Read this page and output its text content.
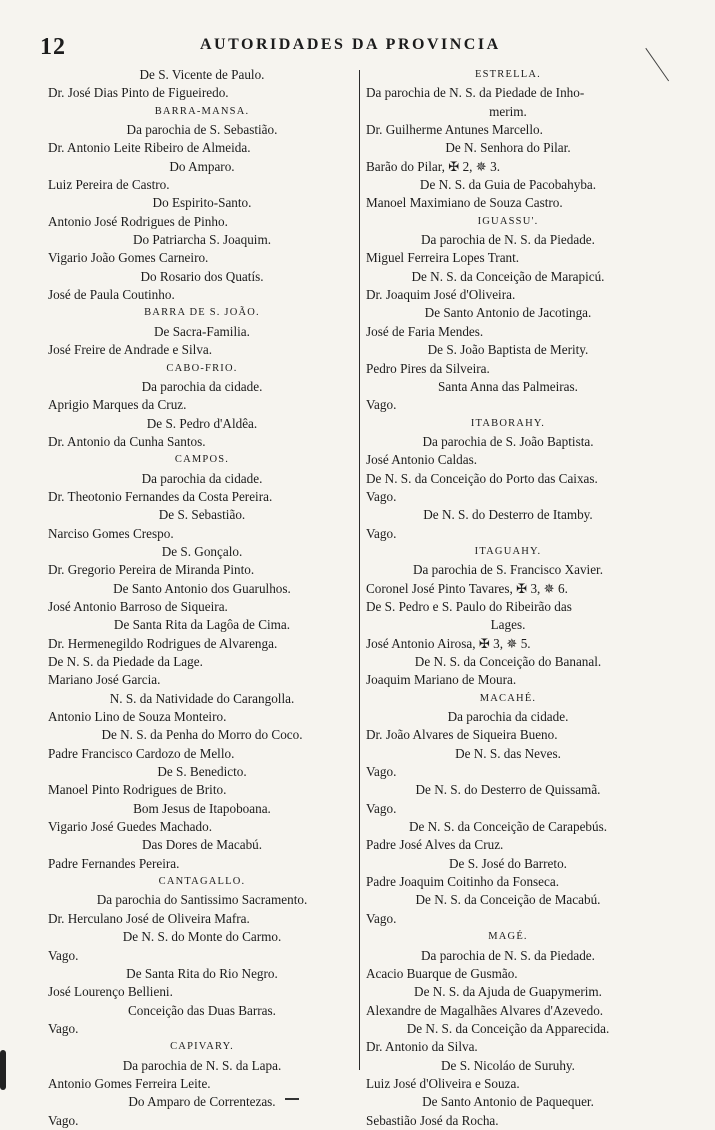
12	AUTORIDADES DA PROVINCIA
De S. Vicente de Paulo.
Dr. José Dias Pinto de Figueiredo.
BARRA-MANSA.
Da parochia de S. Sebastião.
Dr. Antonio Leite Ribeiro de Almeida.
Do Amparo.
Luiz Pereira de Castro.
Do Espirito-Santo.
Antonio José Rodrigues de Pinho.
Do Patriarcha S. Joaquim.
Vigario João Gomes Carneiro.
Do Rosario dos Quatís.
José de Paula Coutinho.
BARRA DE S. JOÃO.
De Sacra-Familia.
José Freire de Andrade e Silva.
CABO-FRIO.
Da parochia da cidade.
Aprigio Marques da Cruz.
De S. Pedro d'Aldêa.
Dr. Antonio da Cunha Santos.
CAMPOS.
Da parochia da cidade.
Dr. Theotonio Fernandes da Costa Pereira.
De S. Sebastião.
Narciso Gomes Crespo.
De S. Gonçalo.
Dr. Gregorio Pereira de Miranda Pinto.
De Santo Antonio dos Guarulhos.
José Antonio Barroso de Siqueira.
De Santa Rita da Lagôa de Cima.
Dr. Hermenegildo Rodrigues de Alvarenga.
De N. S. da Piedade da Lage.
Mariano José Garcia.
N. S. da Natividade do Carangolla.
Antonio Lino de Souza Monteiro.
De N. S. da Penha do Morro do Coco.
Padre Francisco Cardozo de Mello.
De S. Benedicto.
Manoel Pinto Rodrigues de Brito.
Bom Jesus de Itapoboana.
Vigario José Guedes Machado.
Das Dores de Macabú.
Padre Fernandes Pereira.
CANTAGALLO.
Da parochia do Santissimo Sacramento.
Dr. Herculano José de Oliveira Mafra.
De N. S. do Monte do Carmo.
Vago.
De Santa Rita do Rio Negro.
José Lourenço Bellieni.
Conceição das Duas Barras.
Vago.
CAPIVARY.
Da parochia de N. S. da Lapa.
Antonio Gomes Ferreira Leite.
Do Amparo de Correntezas.
Vago.
ESTRELLA.
Da parochia de N. S. da Piedade de Inho-
merim.
Dr. Guilherme Antunes Marcello.
De N. Senhora do Pilar.
Barão do Pilar, ✠ 2, ✵ 3.
De N. S. da Guia de Pacobahyba.
Manoel Maximiano de Souza Castro.
IGUASSU'.
Da parochia de N. S. da Piedade.
Miguel Ferreira Lopes Trant.
De N. S. da Conceição de Marapicú.
Dr. Joaquim José d'Oliveira.
De Santo Antonio de Jacotinga.
José de Faria Mendes.
De S. João Baptista de Merity.
Pedro Pires da Silveira.
Santa Anna das Palmeiras.
Vago.
ITABORAHY.
Da parochia de S. João Baptista.
José Antonio Caldas.
De N. S. da Conceição do Porto das Caixas.
Vago.
De N. S. do Desterro de Itamby.
Vago.
ITAGUAHY.
Da parochia de S. Francisco Xavier.
Coronel José Pinto Tavares, ✠ 3, ✵ 6.
De S. Pedro e S. Paulo do Ribeirão das
Lages.
José Antonio Airosa, ✠ 3, ✵ 5.
De N. S. da Conceição do Bananal.
Joaquim Mariano de Moura.
MACAHÉ.
Da parochia da cidade.
Dr. João Alvares de Siqueira Bueno.
De N. S. das Neves.
Vago.
De N. S. do Desterro de Quissamã.
Vago.
De N. S. da Conceição de Carapebús.
Padre José Alves da Cruz.
De S. José do Barreto.
Padre Joaquim Coitinho da Fonseca.
De N. S. da Conceição de Macabú.
Vago.
MAGÉ.
Da parochia de N. S. da Piedade.
Acacio Buarque de Gusmão.
De N. S. da Ajuda de Guapymerim.
Alexandre de Magalhães Alvares d'Azevedo.
De N. S. da Conceição da Apparecida.
Dr. Antonio da Silva.
De S. Nicoláo de Suruhy.
Luiz José d'Oliveira e Souza.
De Santo Antonio de Paquequer.
Sebastião José da Rocha.
